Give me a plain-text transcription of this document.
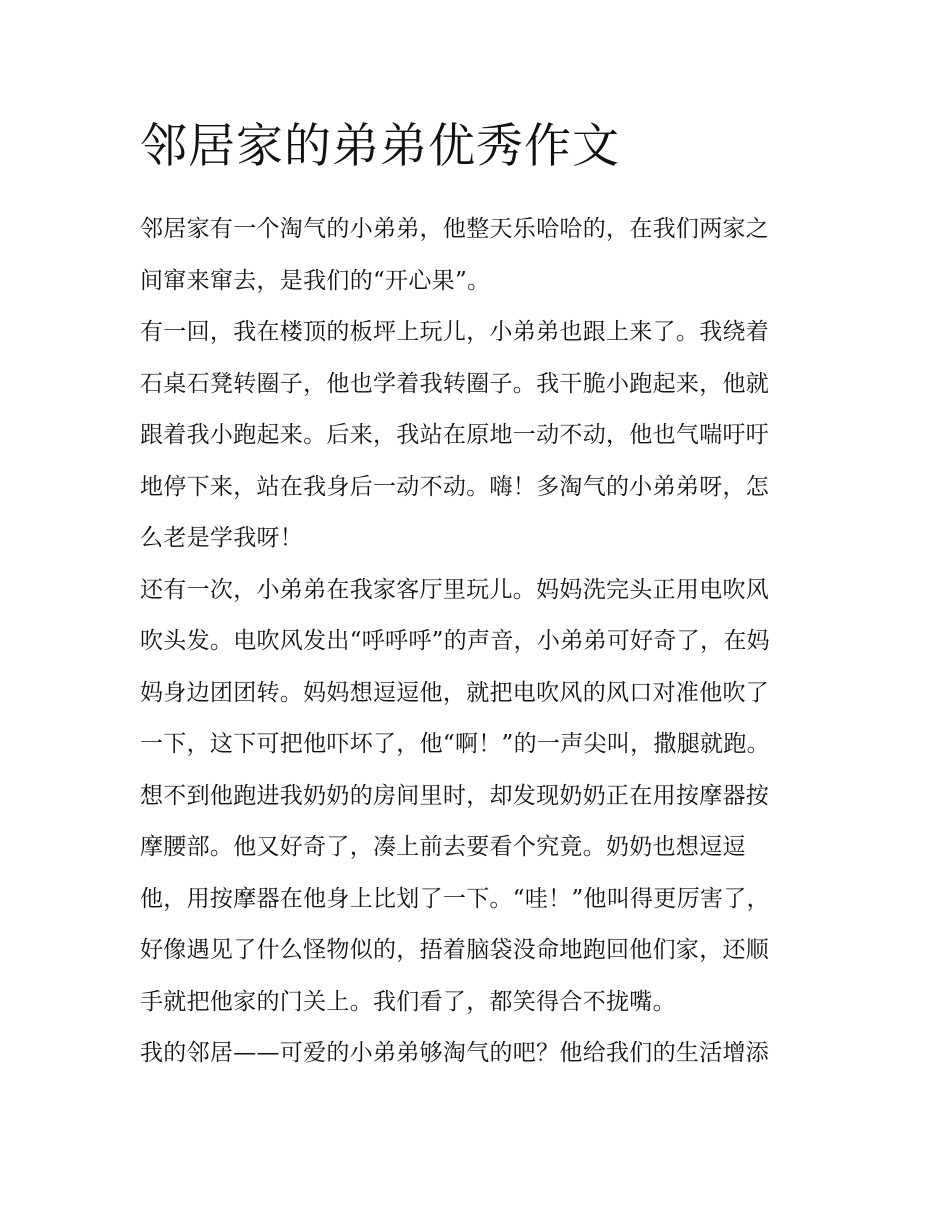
邻居家的弟弟优秀作文

邻居家有一个淘气的小弟弟，他整天乐哈哈的，在我们两家之
间窜来窜去，是我们的“开心果”。

有一回，我在楼顶的板坪上玩儿，小弟弟也跟上来了。我绕着
石桌石凳转圈子，他也学着我转圈子。我干脆小跑起来，他就
跟着我小跑起来。后来，我站在原地一动不动，他也气喘吁吁
地停下来，站在我身后一动不动。嗨！多淘气的小弟弟呀，怎
么老是学我呀！

还有一次，小弟弟在我家客厅里玩儿。妈妈洗完头正用电吹风
吹头发。电吹风发出“呼呼呼”的声音，小弟弟可好奇了，在妈
妈身边团团转。妈妈想逗逗他，就把电吹风的风口对准他吹了
一下，这下可把他吓坏了，他“啊！”的一声尖叫，撒腿就跑。
想不到他跑进我奶奶的房间里时，却发现奶奶正在用按摩器按
摩腰部。他又好奇了，凑上前去要看个究竟。奶奶也想逗逗
他，用按摩器在他身上比划了一下。“哇！”他叫得更厉害了，
好像遇见了什么怪物似的，捂着脑袋没命地跑回他们家，还顺
手就把他家的门关上。我们看了，都笑得合不拢嘴。

我的邻居——可爱的小弟弟够淘气的吧？他给我们的生活增添
